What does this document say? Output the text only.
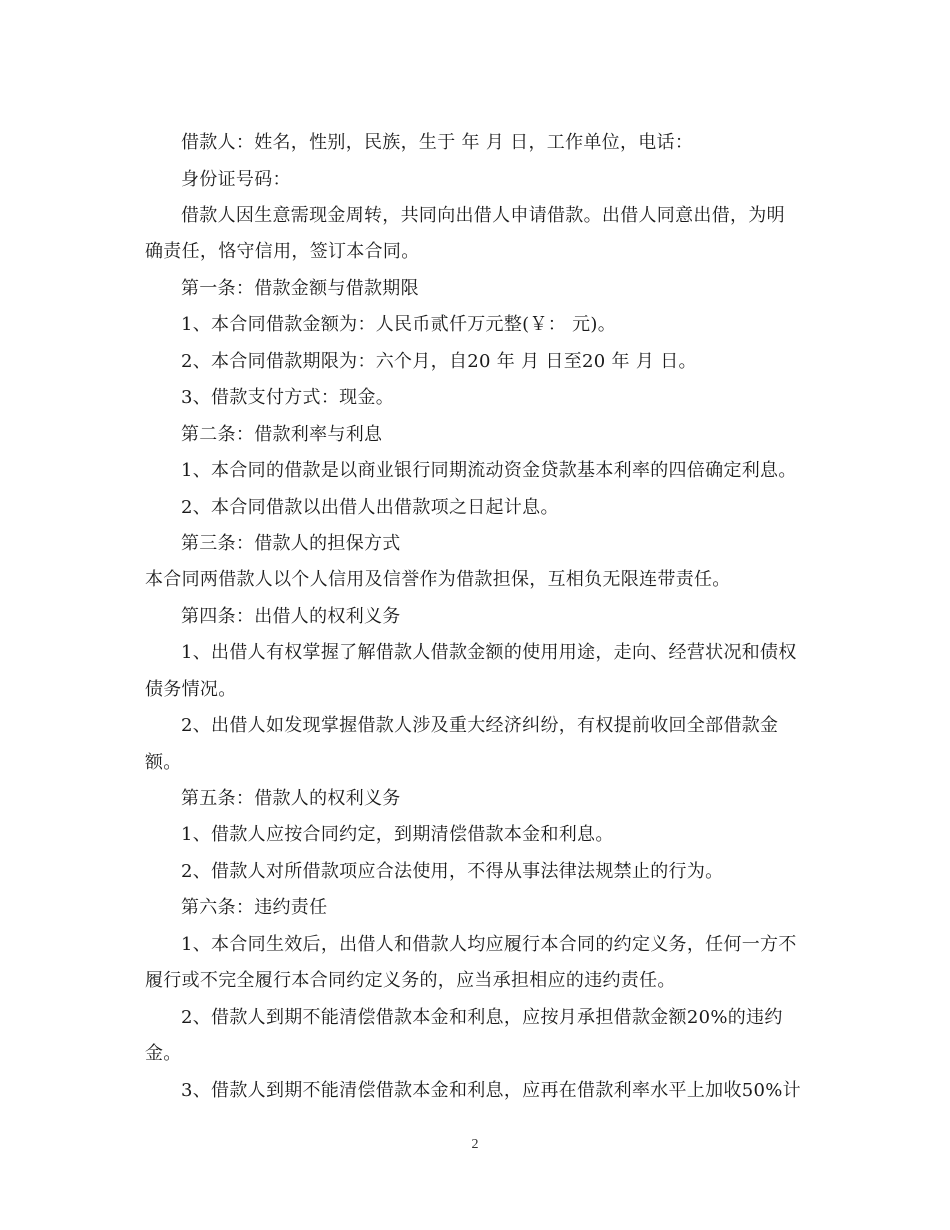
借款人：姓名，性别，民族，生于 年 月 日，工作单位，电话：
身份证号码：
借款人因生意需现金周转，共同向出借人申请借款。出借人同意出借，为明
确责任，恪守信用，签订本合同。
第一条：借款金额与借款期限
1、本合同借款金额为：人民币贰仟万元整(￥： 元)。
2、本合同借款期限为：六个月，自20 年 月 日至20 年 月 日。
3、借款支付方式：现金。
第二条：借款利率与利息
1、本合同的借款是以商业银行同期流动资金贷款基本利率的四倍确定利息。
2、本合同借款以出借人出借款项之日起计息。
第三条：借款人的担保方式
本合同两借款人以个人信用及信誉作为借款担保，互相负无限连带责任。
第四条：出借人的权利义务
1、出借人有权掌握了解借款人借款金额的使用用途，走向、经营状况和债权
债务情况。
2、出借人如发现掌握借款人涉及重大经济纠纷，有权提前收回全部借款金
额。
第五条：借款人的权利义务
1、借款人应按合同约定，到期清偿借款本金和利息。
2、借款人对所借款项应合法使用，不得从事法律法规禁止的行为。
第六条：违约责任
1、本合同生效后，出借人和借款人均应履行本合同的约定义务，任何一方不
履行或不完全履行本合同约定义务的，应当承担相应的违约责任。
2、借款人到期不能清偿借款本金和利息，应按月承担借款金额20%的违约
金。
3、借款人到期不能清偿借款本金和利息，应再在借款利率水平上加收50%计
2
